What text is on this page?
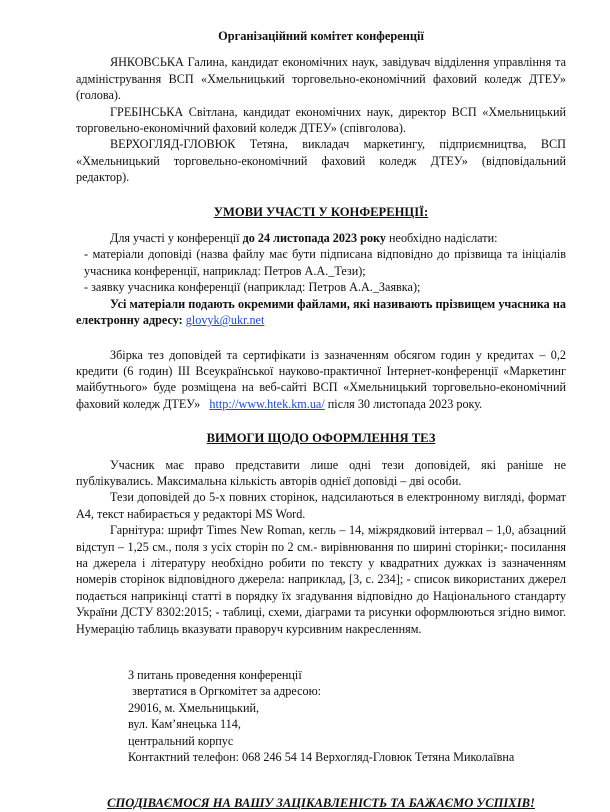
Організаційний комітет конференції

ЯНКОВСЬКА Галина, кандидат економічних наук, завідувач відділення управління та адміністрування ВСП «Хмельницький торговельно-економічний фаховий коледж ДТЕУ» (голова).

ГРЕБІНСЬКА Світлана, кандидат економічних наук, директор ВСП «Хмельницький торговельно-економічний фаховий коледж ДТЕУ» (співголова).

ВЕРХОГЛЯД-ГЛОВЮК Тетяна, викладач маркетингу, підприємництва, ВСП «Хмельницький торговельно-економічний фаховий коледж ДТЕУ» (відповідальний редактор).

УМОВИ УЧАСТІ У КОНФЕРЕНЦІЇ:

Для участі у конференції до 24 листопада 2023 року необхідно надіслати:

- матеріали доповіді (назва файлу має бути підписана відповідно до прізвища та ініціалів учасника конференції, наприклад: Петров А.А._Тези);

- заявку учасника конференції (наприклад: Петров А.А._Заявка);

Усі матеріали подають окремими файлами, які називають прізвищем учасника на електронну адресу: glovyk@ukr.net

Збірка тез доповідей та сертифікати із зазначенням обсягом годин у кредитах – 0,2 кредити (6 годин) ІІІ Всеукраїнської науково-практичної Інтернет-конференції «Маркетинг майбутнього» буде розміщена на веб-сайті ВСП «Хмельницький торговельно-економічний фаховий коледж ДТЕУ» http://www.htek.km.ua/ після 30 листопада 2023 року.

ВИМОГИ ЩОДО ОФОРМЛЕННЯ ТЕЗ

Учасник має право представити лише одні тези доповідей, які раніше не публікувались. Максимальна кількість авторів однієї доповіді – дві особи.

Тези доповідей до 5-х повних сторінок, надсилаються в електронному вигляді, формат А4, текст набирається у редакторі MS Word.

Гарнітура: шрифт Times New Roman, кегль – 14, міжрядковий інтервал – 1,0, абзацний відступ – 1,25 см., поля з усіх сторін по 2 см.- вирівнювання по ширині сторінки;- посилання на джерела і літературу необхідно робити по тексту у квадратних дужках із зазначенням номерів сторінок відповідного джерела: наприклад, [3, с. 234]; - список використаних джерел подається наприкінці статті в порядку їх згадування відповідно до Національного стандарту України ДСТУ 8302:2015; - таблиці, схеми, діаграми та рисунки оформлюються згідно вимог. Нумерацію таблиць вказувати праворуч курсивним накресленням.

З питань проведення конференції

звертатися в Оргкомітет за адресою:

29016, м. Хмельницький,

вул. Кам’янецька 114,

центральний корпус

Контактний телефон: 068 246 54 14 Верхогляд-Гловюк Тетяна Миколаївна

СПОДІВАЄМОСЯ НА ВАШУ ЗАЦІКАВЛЕНІСТЬ ТА БАЖАЄМО УСПІХІВ!
